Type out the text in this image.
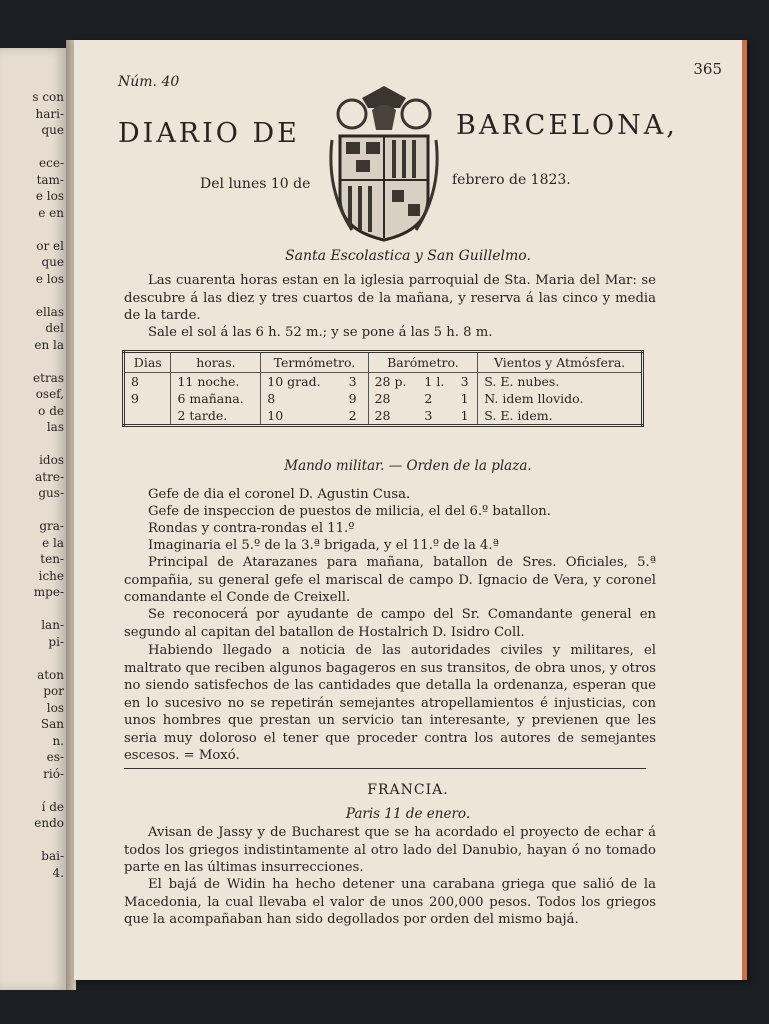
s con
hari-
que
ece-
tam-
e los
e en
or el
que
e los
ellas
del
en la
etras
osef,
o de
las
idos
atre-
gus-
gra-
e la
ten-
iche
mpe-
lan-
pi-
aton
por
los
San
n.
es-
rió-
í de
endo
bai-
4.
Núm. 40
365
DIARIO DE	BARCELONA,
Del lunes 10 de	febrero de 1823.
Santa Escolastica y San Guillelmo.
Las cuarenta horas estan en la iglesia parroquial de Sta. Maria del Mar: se descubre á las diez y tres cuartos de la mañana, y reserva á las cinco y media de la tarde.
Sale el sol á las 6 h. 52 m.; y se pone á las 5 h. 8 m.
Dias	horas.	Termómetro.		Barómetro.			Vientos y Atmósfera.
8	11 noche.	10 grad.	3	28 p.	1 l.	3	S. E. nubes.
9	6 mañana.	8	9	28	2	1	N. idem llovido.
	2 tarde.	10	2	28	3	1	S. E. idem.
Mando militar. — Orden de la plaza.
Gefe de dia el coronel D. Agustin Cusa.
Gefe de inspeccion de puestos de milicia, el del 6.º batallon.
Rondas y contra-rondas el 11.º
Imaginaria el 5.º de la 3.ª brigada, y el 11.º de la 4.ª
Principal de Atarazanes para mañana, batallon de Sres. Oficiales, 5.ª compañia, su general gefe el mariscal de campo D. Ignacio de Vera, y coronel comandante el Conde de Creixell.
Se reconocerá por ayudante de campo del Sr. Comandante general en segundo al capitan del batallon de Hostalrich D. Isidro Coll.
Habiendo llegado a noticia de las autoridades civiles y militares, el maltrato que reciben algunos bagageros en sus transitos, de obra unos, y otros no siendo satisfechos de las cantidades que detalla la ordenanza, esperan que en lo sucesivo no se repetirán semejantes atropellamientos é injusticias, con unos hombres que prestan un servicio tan interesante, y previenen que les seria muy doloroso el tener que proceder contra los autores de semejantes escesos. = Moxó.
FRANCIA.
Paris 11 de enero.
Avisan de Jassy y de Bucharest que se ha acordado el proyecto de echar á todos los griegos indistintamente al otro lado del Danubio, hayan ó no tomado parte en las últimas insurrecciones.
El bajá de Widin ha hecho detener una carabana griega que salió de la Macedonia, la cual llevaba el valor de unos 200,000 pesos. Todos los griegos que la acompañaban han sido degollados por orden del mismo bajá.
